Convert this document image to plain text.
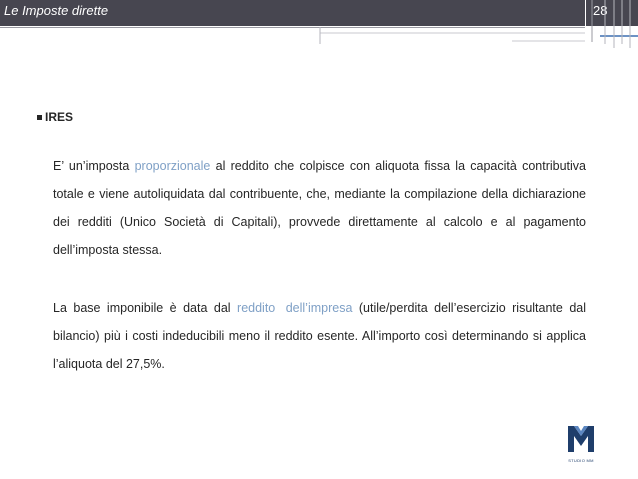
Le Imposte dirette	28
IRES
E’ un’imposta proporzionale al reddito che colpisce con aliquota fissa la capacità contributiva totale e viene autoliquidata dal contribuente, che, mediante la compilazione della dichiarazione dei redditi (Unico Società di Capitali), provvede direttamente al calcolo e al pagamento dell’imposta stessa.
La base imponibile è data dal reddito dell’impresa (utile/perdita dell’esercizio risultante dal bilancio) più i costi indeducibili meno il reddito esente. All’importo così determinando si applica l’aliquota del 27,5%.
STUDIO MM
